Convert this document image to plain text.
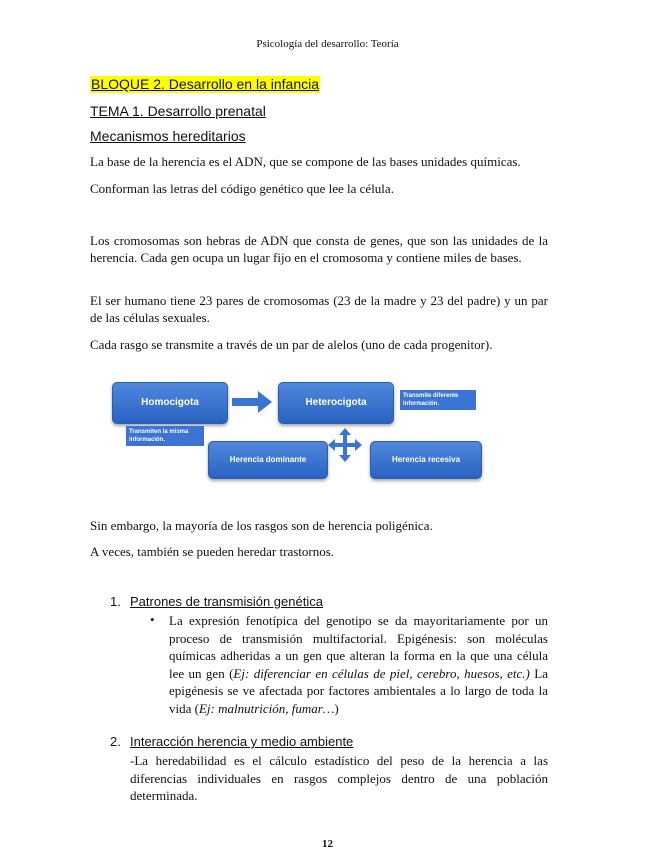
Psicología del desarrollo: Teoría
BLOQUE 2. Desarrollo en la infancia
TEMA 1. Desarrollo prenatal
Mecanismos hereditarios
La base de la herencia es el ADN, que se compone de las bases unidades químicas.
Conforman las letras del código genético que lee la célula.
Los cromosomas son hebras de ADN que consta de genes, que son las unidades de la herencia. Cada gen ocupa un lugar fijo en el cromosoma y contiene miles de bases.
El ser humano tiene 23 pares de cromosomas (23 de la madre y 23 del padre) y un par de las células sexuales.
Cada rasgo se transmite a través de un par de alelos (uno de cada progenitor).
Homocigota	Heterocigota
Transmite diferente información.
Transmiten la misma información.
Herencia dominante	Herencia recesiva
Sin embargo, la mayoría de los rasgos son de herencia poligénica.
A veces, también se pueden heredar trastornos.
1. Patrones de transmisión genética
• La expresión fenotípica del genotipo se da mayoritariamente por un proceso de transmisión multifactorial. Epigénesis: son moléculas químicas adheridas a un gen que alteran la forma en la que una célula lee un gen (Ej: diferenciar en células de piel, cerebro, huesos, etc.) La epigénesis se ve afectada por factores ambientales a lo largo de toda la vida (Ej: malnutrición, fumar…)
2. Interacción herencia y medio ambiente
-La heredabilidad es el cálculo estadístico del peso de la herencia a las diferencias individuales en rasgos complejos dentro de una población determinada.
12
